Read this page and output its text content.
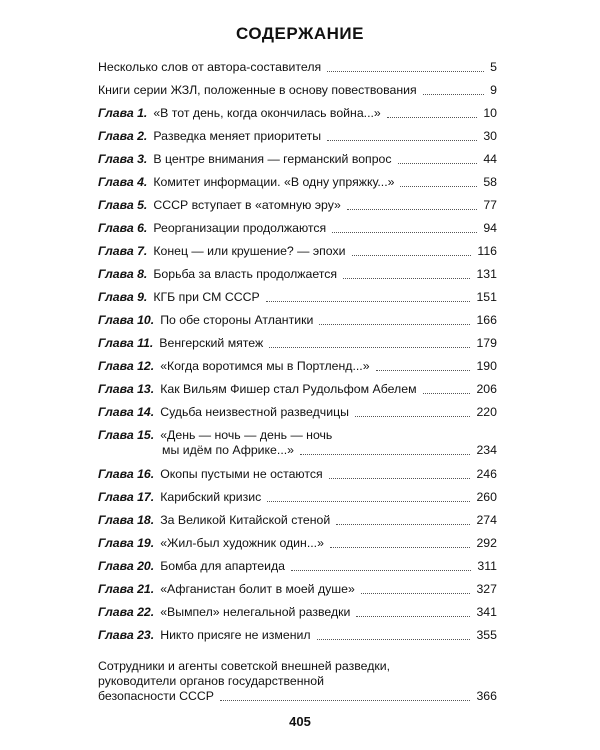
СОДЕРЖАНИЕ
Несколько слов от автора-составителя	5
Книги серии ЖЗЛ, положенные в основу повествования	9
Глава 1. «В тот день, когда окончилась война...»	10
Глава 2. Разведка меняет приоритеты	30
Глава 3. В центре внимания — германский вопрос	44
Глава 4. Комитет информации. «В одну упряжку...»	58
Глава 5. СССР вступает в «атомную эру»	77
Глава 6. Реорганизации продолжаются	94
Глава 7. Конец — или крушение? — эпохи	116
Глава 8. Борьба за власть продолжается	131
Глава 9. КГБ при СМ СССР	151
Глава 10. По обе стороны Атлантики	166
Глава 11. Венгерский мятеж	179
Глава 12. «Когда воротимся мы в Портленд...»	190
Глава 13. Как Вильям Фишер стал Рудольфом Абелем	206
Глава 14. Судьба неизвестной разведчицы	220
Глава 15. «День — ночь — день — ночь
мы идём по Африке...»	234
Глава 16. Окопы пустыми не остаются	246
Глава 17. Карибский кризис	260
Глава 18. За Великой Китайской стеной	274
Глава 19. «Жил-был художник один...»	292
Глава 20. Бомба для апартеида	311
Глава 21. «Афганистан болит в моей душе»	327
Глава 22. «Вымпел» нелегальной разведки	341
Глава 23. Никто присяге не изменил	355
Сотрудники и агенты советской внешней разведки,
руководители органов государственной
безопасности СССР	366
405
